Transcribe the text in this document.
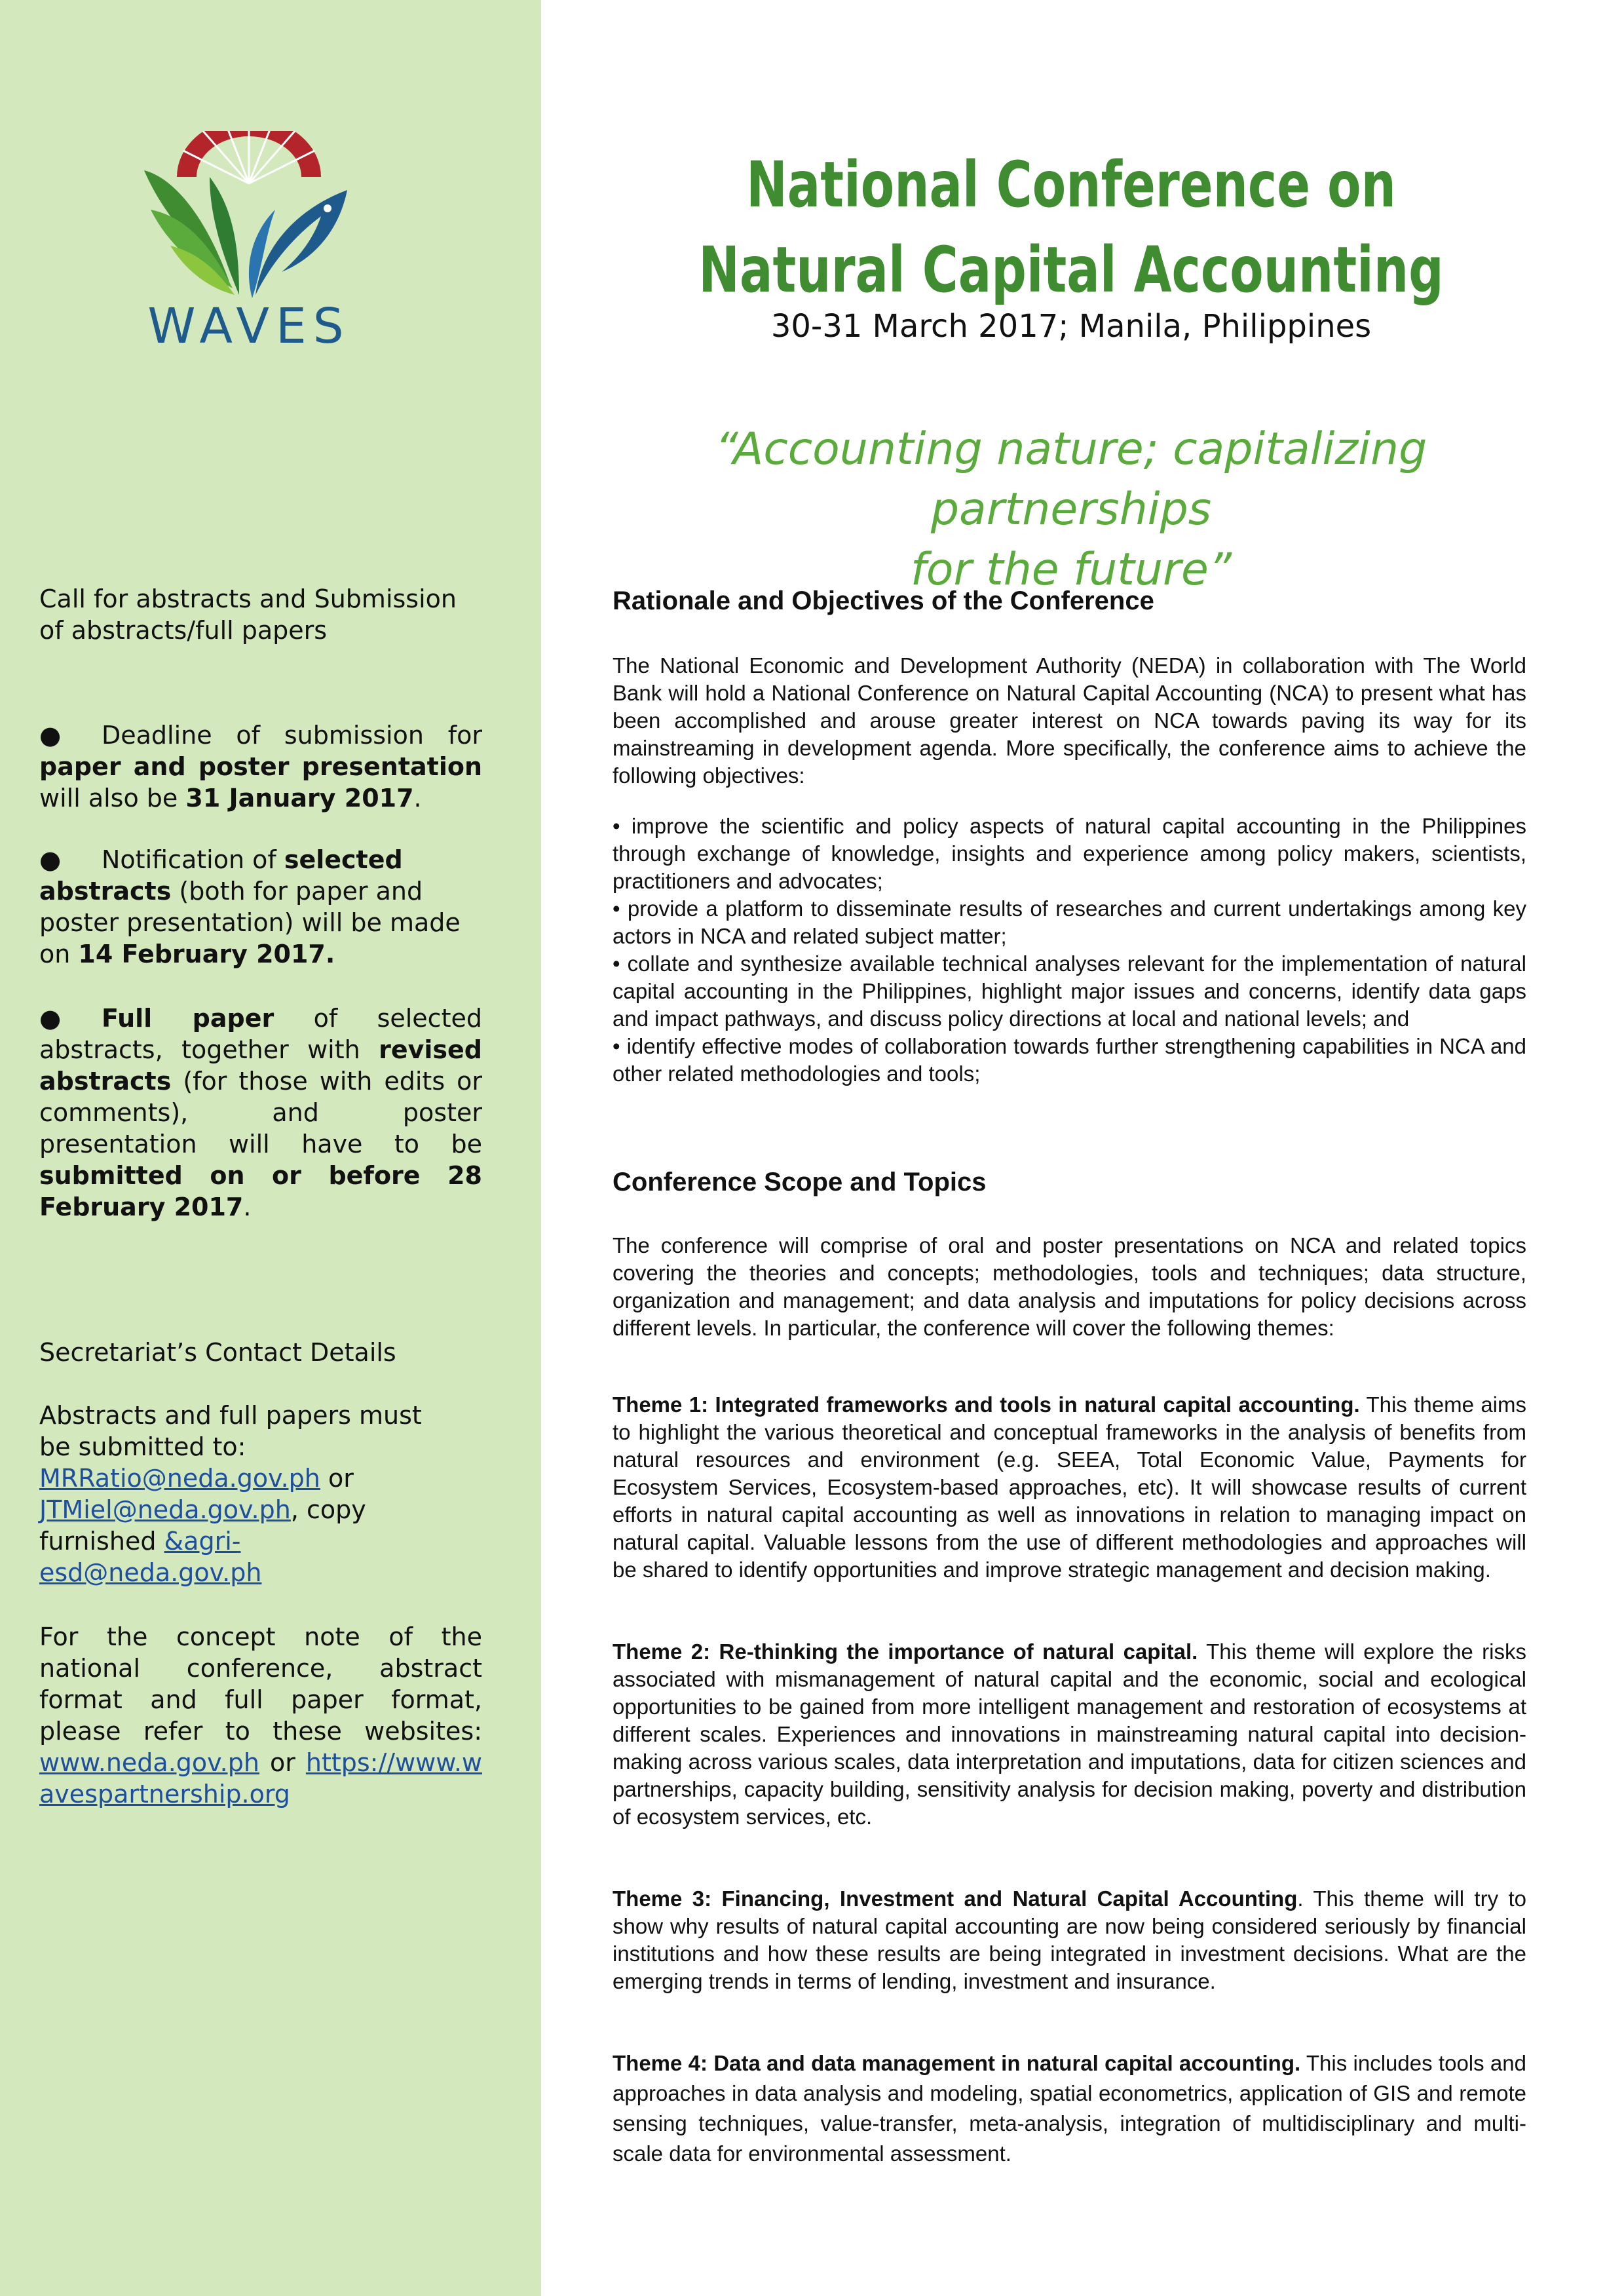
WAVES

Call for abstracts and Submission of abstracts/full papers

● Deadline of submission for paper and poster presentation will also be 31 January 2017.

● Notification of selected abstracts (both for paper and poster presentation) will be made on 14 February 2017.

● Full paper of selected abstracts, together with revised abstracts (for those with edits or comments), and poster presentation will have to be submitted on or before 28 February 2017.

Secretariat’s Contact Details

Abstracts and full papers must be submitted to: MRRatio@neda.gov.ph or JTMiel@neda.gov.ph, copy furnished &agri-esd@neda.gov.ph

For the concept note of the national conference, abstract format and full paper format, please refer to these websites: www.neda.gov.ph or https://www.wavespartnership.org

National Conference on
Natural Capital Accounting
30-31 March 2017; Manila, Philippines
“Accounting nature; capitalizing partnerships
for the future”
Rationale and Objectives of the Conference

The National Economic and Development Authority (NEDA) in collaboration with The World Bank will hold a National Conference on Natural Capital Accounting (NCA) to present what has been accomplished and arouse greater interest on NCA towards paving its way for its mainstreaming in development agenda. More specifically, the conference aims to achieve the following objectives:

• improve the scientific and policy aspects of natural capital accounting in the Philippines through exchange of knowledge, insights and experience among policy makers, scientists, practitioners and advocates;

• provide a platform to disseminate results of researches and current undertakings among key actors in NCA and related subject matter;

• collate and synthesize available technical analyses relevant for the implementation of natural capital accounting in the Philippines, highlight major issues and concerns, identify data gaps and impact pathways, and discuss policy directions at local and national levels; and

• identify effective modes of collaboration towards further strengthening capabilities in NCA and other related methodologies and tools;

Conference Scope and Topics

The conference will comprise of oral and poster presentations on NCA and related topics covering the theories and concepts; methodologies, tools and techniques; data structure, organization and management; and data analysis and imputations for policy decisions across different levels. In particular, the conference will cover the following themes:

Theme 1: Integrated frameworks and tools in natural capital accounting. This theme aims to highlight the various theoretical and conceptual frameworks in the analysis of benefits from natural resources and environment (e.g. SEEA, Total Economic Value, Payments for Ecosystem Services, Ecosystem-based approaches, etc). It will showcase results of current efforts in natural capital accounting as well as innovations in relation to managing impact on natural capital. Valuable lessons from the use of different methodologies and approaches will be shared to identify opportunities and improve strategic management and decision making.

Theme 2: Re-thinking the importance of natural capital. This theme will explore the risks associated with mismanagement of natural capital and the economic, social and ecological opportunities to be gained from more intelligent management and restoration of ecosystems at different scales. Experiences and innovations in mainstreaming natural capital into decision-making across various scales, data interpretation and imputations, data for citizen sciences and partnerships, capacity building, sensitivity analysis for decision making, poverty and distribution of ecosystem services, etc.

Theme 3: Financing, Investment and Natural Capital Accounting. This theme will try to show why results of natural capital accounting are now being considered seriously by financial institutions and how these results are being integrated in investment decisions. What are the emerging trends in terms of lending, investment and insurance.

Theme 4: Data and data management in natural capital accounting. This includes tools and approaches in data analysis and modeling, spatial econometrics, application of GIS and remote sensing techniques, value-transfer, meta-analysis, integration of multidisciplinary and multi-scale data for environmental assessment.
